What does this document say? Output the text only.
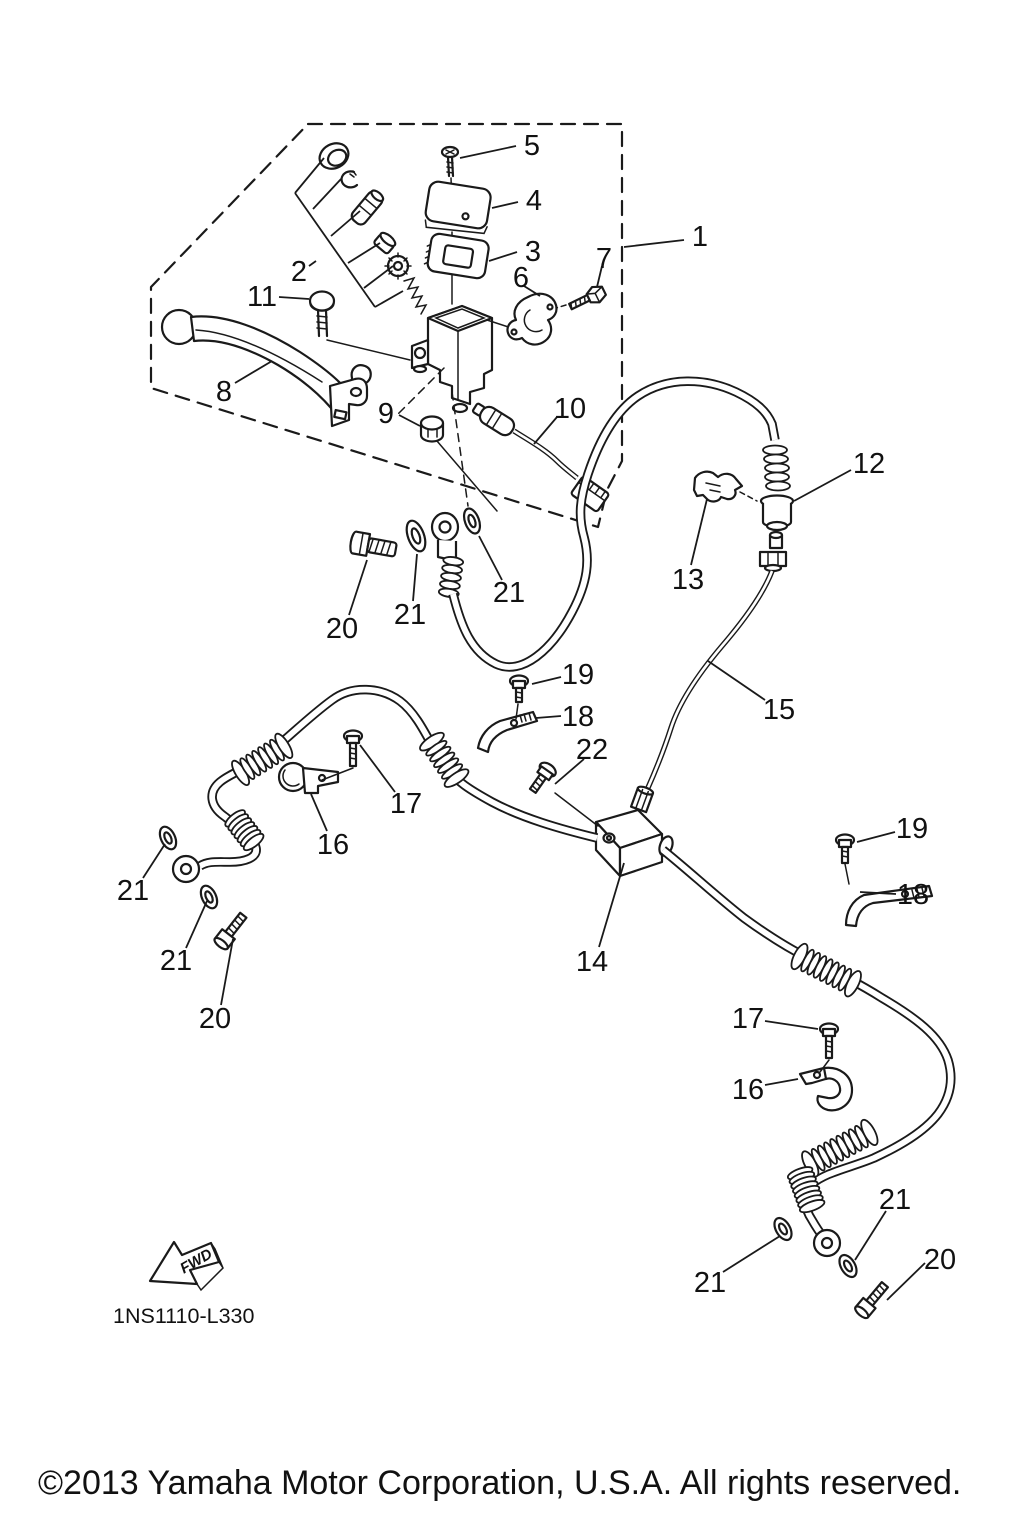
FWD
1NS1110-L330
©2013 Yamaha Motor Corporation, U.S.A. All rights reserved.
1
2
3
4
5
6
7
8
9	10
11
12
13
14
15
16
17
18
19
20 21
21
22
16
17
18
19
20
21
21
20
21
21
